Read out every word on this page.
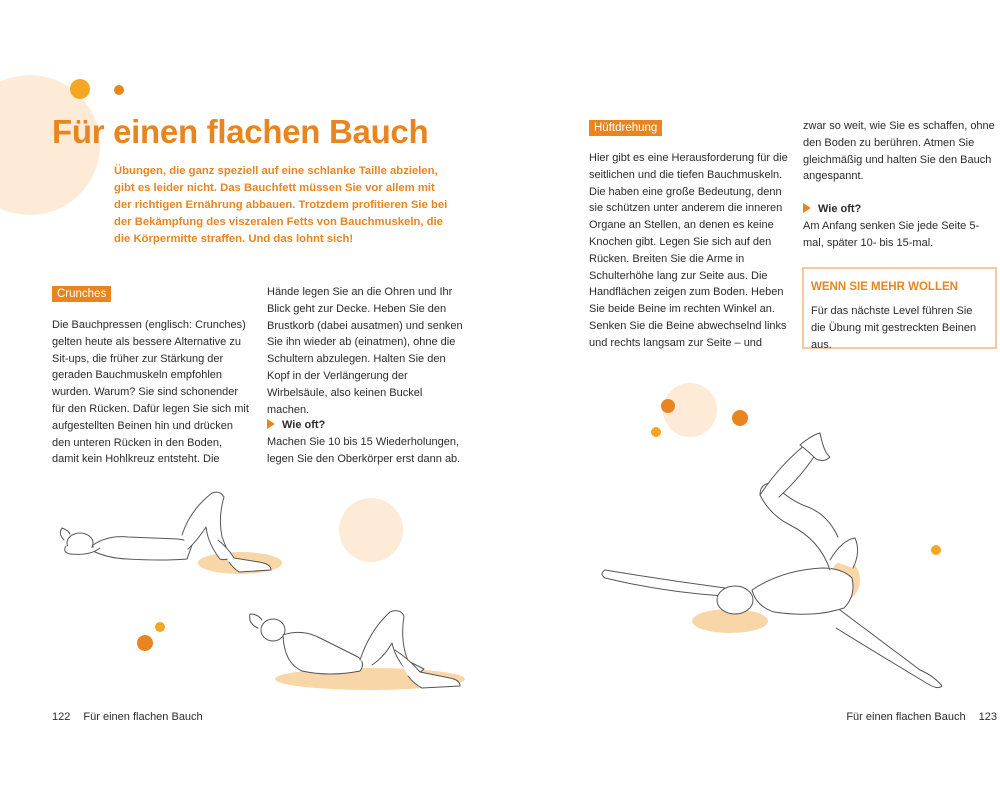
Für einen flachen Bauch

Übungen, die ganz speziell auf eine schlanke Taille abzielen, gibt es leider nicht. Das Bauchfett müssen Sie vor allem mit der richtigen Ernährung abbauen. Trotzdem profitieren Sie bei der Bekämpfung des viszeralen Fetts von Bauchmuskeln, die die Körpermitte straffen. Und das lohnt sich!

Crunches

Die Bauchpressen (englisch: Crunches) gelten heute als bessere Alternative zu Sit-ups, die früher zur Stärkung der geraden Bauchmuskeln empfohlen wurden. Warum? Sie sind schonender für den Rücken. Dafür legen Sie sich mit aufgestellten Beinen hin und drücken den unteren Rücken in den Boden, damit kein Hohlkreuz entsteht. Die

Hände legen Sie an die Ohren und Ihr Blick geht zur Decke. Heben Sie den Brustkorb (dabei ausatmen) und senken Sie ihn wieder ab (einatmen), ohne die Schultern abzulegen. Halten Sie den Kopf in der Verlängerung der Wirbelsäule, also keinen Buckel machen.

Wie oft?

Machen Sie 10 bis 15 Wiederholungen, legen Sie den Oberkörper erst dann ab.

122 Für einen flachen Bauch
Hüftdrehung

Hier gibt es eine Herausforderung für die seitlichen und die tiefen Bauchmuskeln. Die haben eine große Bedeutung, denn sie schützen unter anderem die inneren Organe an Stellen, an denen es keine Knochen gibt. Legen Sie sich auf den Rücken. Breiten Sie die Arme in Schulterhöhe lang zur Seite aus. Die Handflächen zeigen zum Boden. Heben Sie beide Beine im rechten Winkel an. Senken Sie die Beine abwechselnd links und rechts langsam zur Seite – und

zwar so weit, wie Sie es schaffen, ohne den Boden zu berühren. Atmen Sie gleichmäßig und halten Sie den Bauch angespannt.

Wie oft?

Am Anfang senken Sie jede Seite 5-mal, später 10- bis 15-mal.

WENN SIE MEHR WOLLEN

Für das nächste Level führen Sie die Übung mit gestreckten Beinen aus.

Für einen flachen Bauch 123
